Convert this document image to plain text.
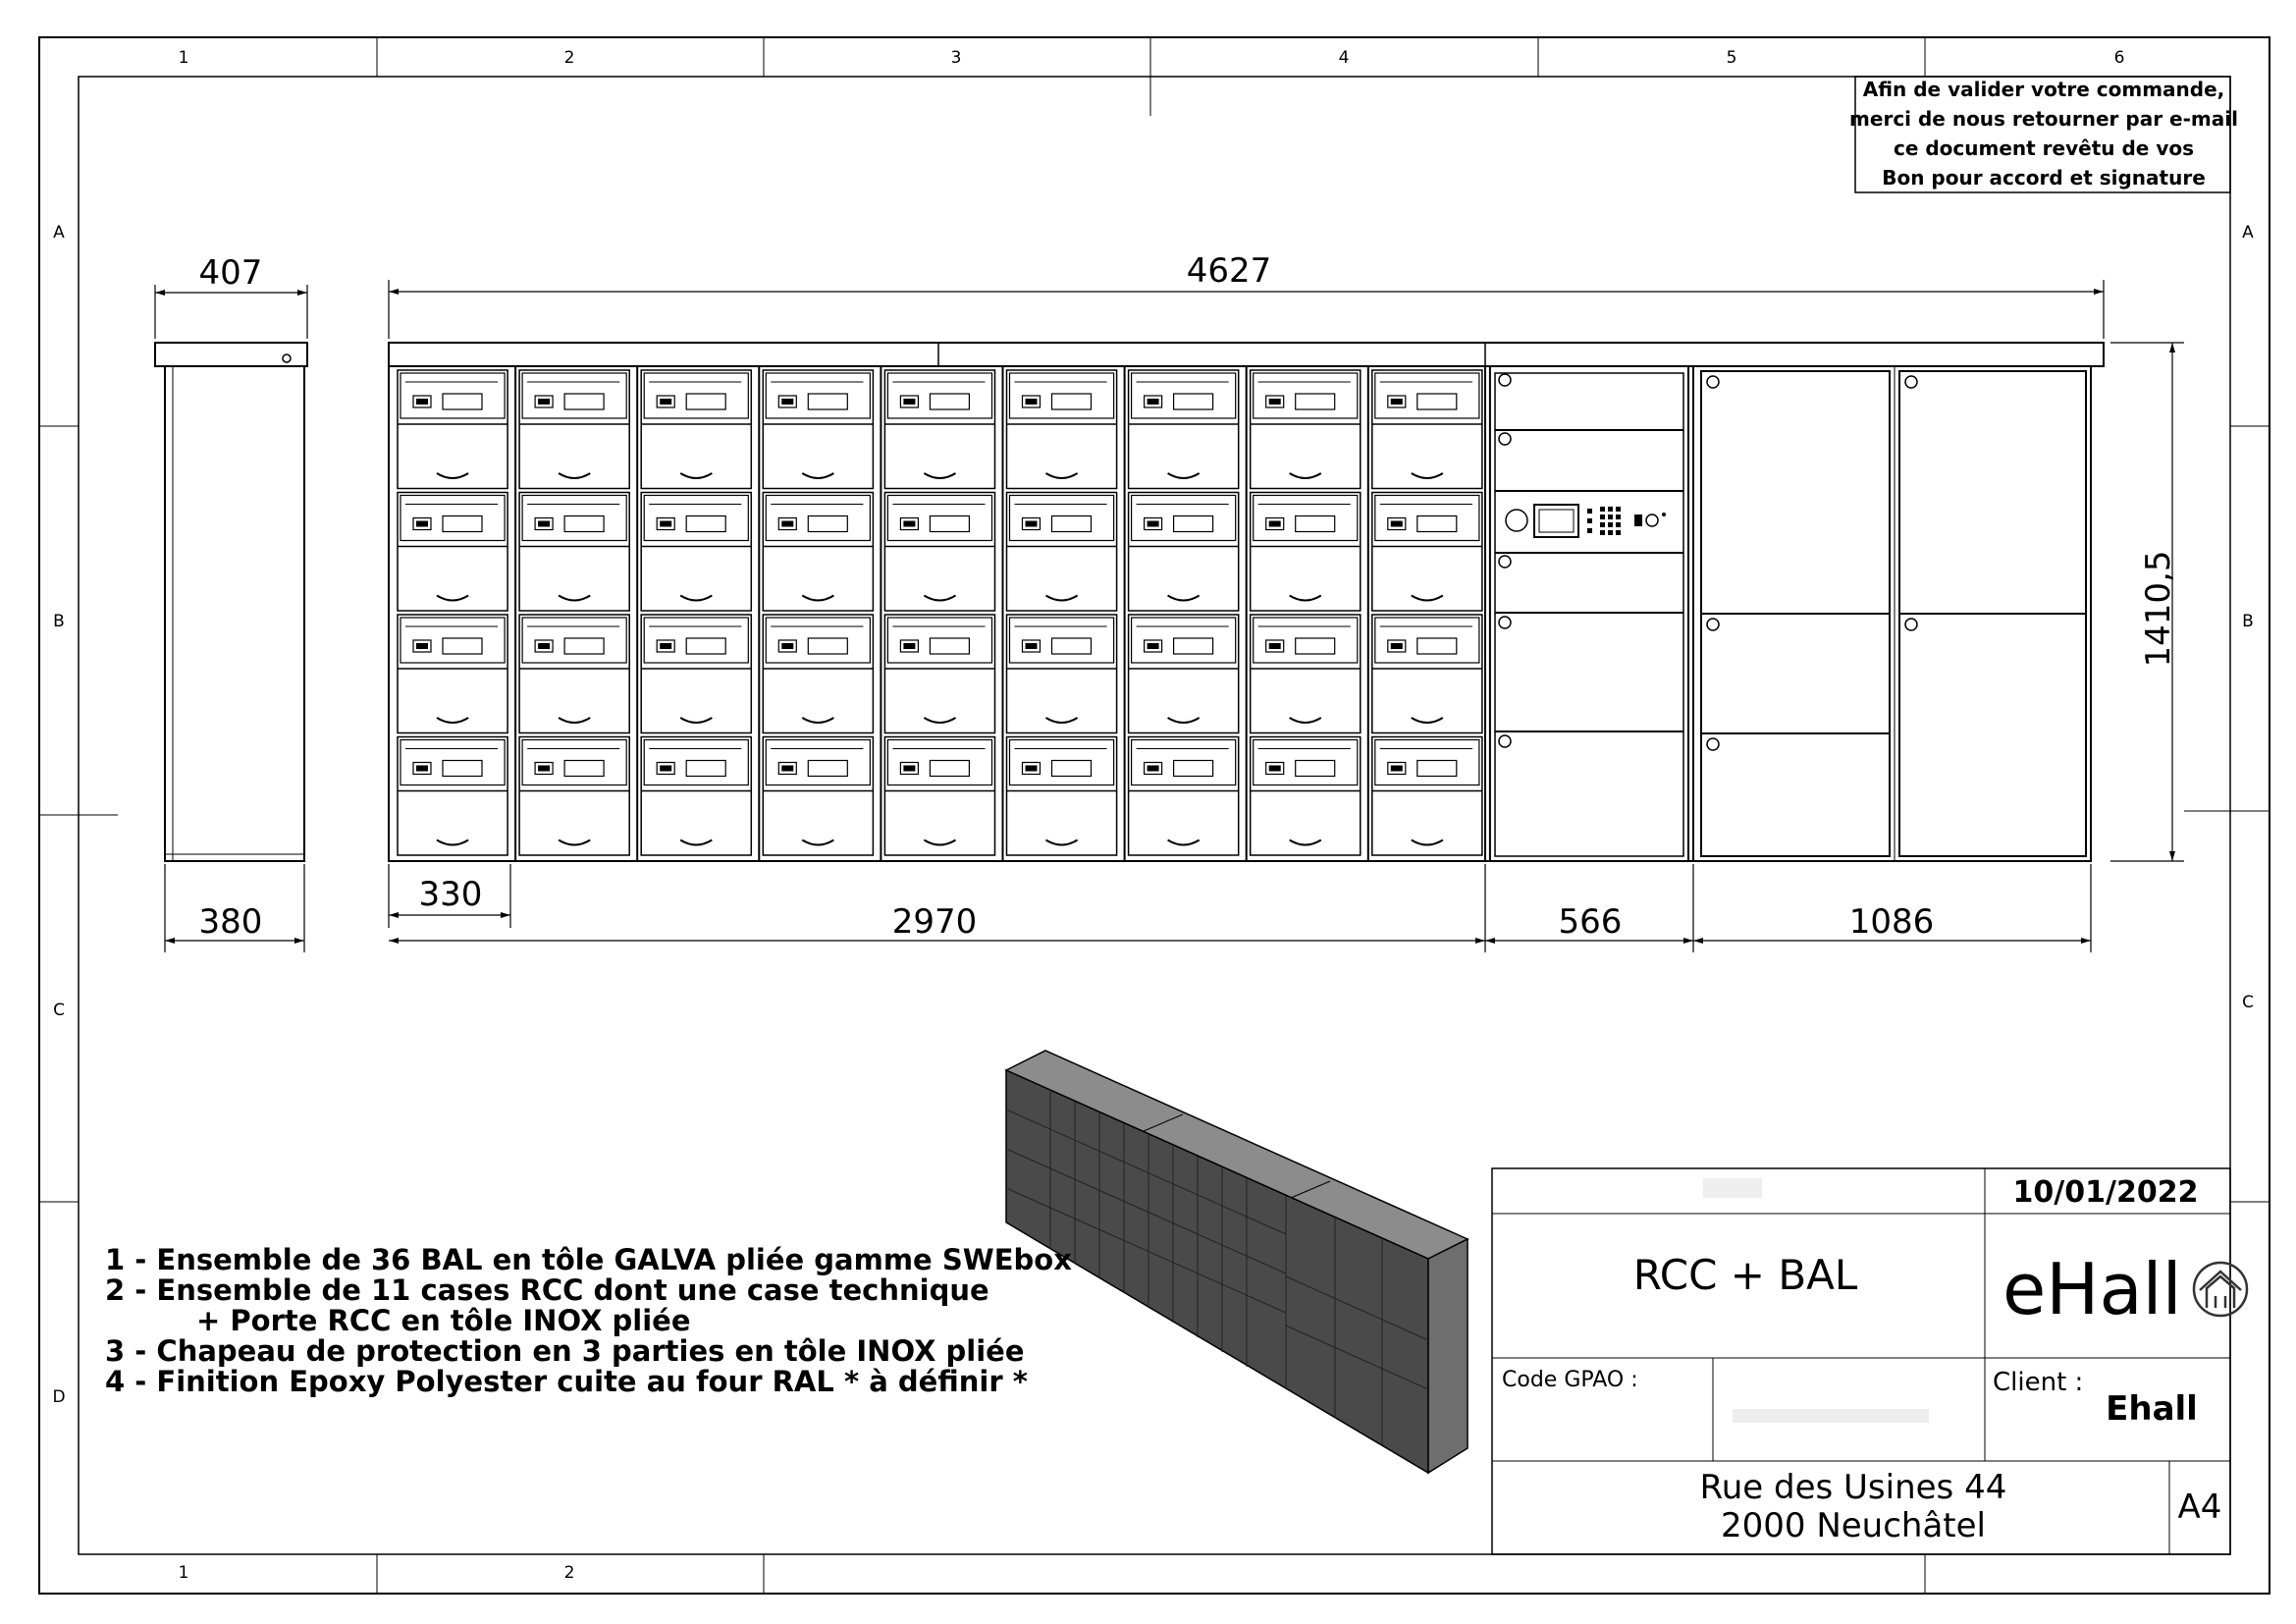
1	2	3	4	5	6
A
B
C
D
A
B
C
1	2
Afin de valider votre commande,
merci de nous retourner par e-mail
ce document revêtu de vos
Bon pour accord et signature
407	4627
1410,5
380
330
2970	566	1086
1 - Ensemble de 36 BAL en tôle GALVA pliée gamme SWEbox
2 - Ensemble de 11 cases RCC dont une case technique
+ Porte RCC en tôle INOX pliée
3 - Chapeau de protection en 3 parties en tôle INOX pliée
4 - Finition Epoxy Polyester cuite au four RAL * à définir *
10/01/2022
RCC + BAL eHall
Code GPAO :	Client :
Ehall
Rue des Usines 44
2000 Neuchâtel	A4
